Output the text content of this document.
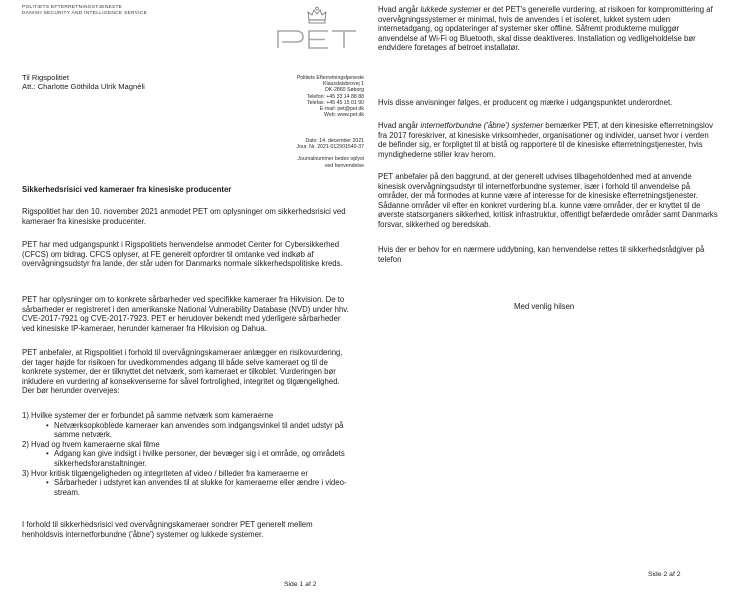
POLITIETS EFTERRETNINGSTJENESTE
DANISH SECURITY AND INTELLIGENCE SERVICE
Til Rigspolitiet
Att.: Charlotte Göthilda Ulrik Magnéli
Politiets Efterretningstjeneste
Klausdalsbrovej 1
DK-2860 Søborg
Telefon: +45 33 14 88 88
Telefax: +45 45 15 01 90
E-mail: pet@pet.dk
Web: www.pet.dk
Dato: 14. december 2021
Jour. Nr. 2021-012901540-37
Journalnummer bedes oplyst
ved henvendelse
Sikkerhedsrisici ved kameraer fra kinesiske producenter

Rigspolitiet har den 10. november 2021 anmodet PET om oplysninger om sikkerhedsrisici ved kameraer fra kinesiske producenter.

PET har med udgangspunkt i Rigspolitiets henvendelse anmodet Center for Cybersikkerhed (CFCS) om bidrag. CFCS oplyser, at FE generelt opfordrer til omtanke ved indkøb af overvågningsudstyr fra lande, der står uden for Danmarks normale sikkerhedspolitiske kreds.

PET har oplysninger om to konkrete sårbarheder ved specifikke kameraer fra Hikvision. De to sårbarheder er registreret i den amerikanske National Vulnerability Database (NVD) under hhv. CVE-2017-7921 og CVE-2017-7923. PET er herudover bekendt med yderligere sårbarheder ved kinesiske IP-kameraer, herunder kameraer fra Hikvision og Dahua.

PET anbefaler, at Rigspolitiet i forhold til overvågningskameraer anlægger en risikovurdering, der tager højde for risikoen for uvedkommendes adgang til både selve kameraet og til de konkrete systemer, der er tilknyttet det netværk, som kameraet er tilkoblet. Vurderingen bør inkludere en vurdering af konsekvenserne for såvel fortrolighed, integritet og tilgængelighed. Der bør herunder overvejes:

1) Hvilke systemer der er forbundet på samme netværk som kameraerne
• Netværksopkoblede kameraer kan anvendes som indgangsvinkel til andet udstyr på samme netværk.
2) Hvad og hvem kameraerne skal filme
• Adgang kan give indsigt i hvilke personer, der bevæger sig i et område, og områdets sikkerhedsforanstaltninger.
3) Hvor kritisk tilgængeligheden og integriteten af video / billeder fra kameraerne er
• Sårbarheder i udstyret kan anvendes til at slukke for kameraerne eller ændre i video-stream.

I forhold til sikkerhedsrisici ved overvågningskameraer sondrer PET generelt mellem henholdsvis internetforbundne ('åbne') systemer og lukkede systemer.

Side 1 af 2

Hvad angår lukkede systemer er det PET's generelle vurdering, at risikoen for kompromittering af overvågningssystemer er minimal, hvis de anvendes i et isoleret, lukket system uden internetadgang, og opdateringer af systemer sker offline. Såfremt produkterne muliggør anvendelse af Wi-Fi og Bluetooth, skal disse deaktiveres. Installation og vedligeholdelse bør endvidere foretages af betroet installatør.

Hvis disse anvisninger følges, er producent og mærke i udgangspunktet underordnet.

Hvad angår internetforbundne ('åbne') systemer bemærker PET, at den kinesiske efterretningslov fra 2017 foreskriver, at kinesiske virksomheder, organisationer og individer, uanset hvor i verden de befinder sig, er forpligtet til at bistå og rapportere til de kinesiske efterretningstjenester, hvis myndighederne stiller krav herom.

PET anbefaler på den baggrund, at der generelt udvises tilbageholdenhed med at anvende kinesisk overvågningsudstyr til internetforbundne systemer, især i forhold til anvendelse på områder, der må formodes at kunne være af interesse for de kinesiske efterretningstjenester. Sådanne områder vil efter en konkret vurdering bl.a. kunne være områder, der er knyttet til de øverste statsorganers sikkerhed, kritisk infrastruktur, offentligt befærdede områder samt Danmarks forsvar, sikkerhed og beredskab.

Hvis der er behov for en nærmere uddybning, kan henvendelse rettes til sikkerhedsrådgiver på telefon

Med venlig hilsen
Side 2 af 2
